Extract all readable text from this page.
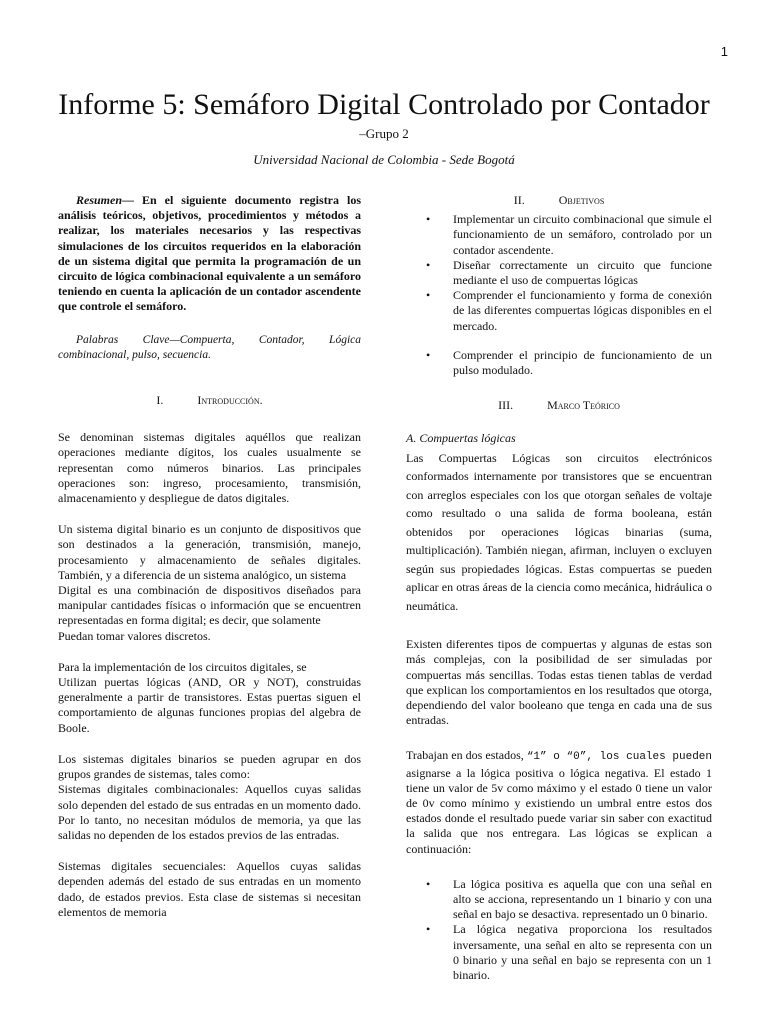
1
Informe 5: Semáforo Digital Controlado por Contador
–Grupo 2
Universidad Nacional de Colombia - Sede Bogotá

Resumen— En el siguiente documento registra los análisis teóricos, objetivos, procedimientos y métodos a realizar, los materiales necesarios y las respectivas simulaciones de los circuitos requeridos en la elaboración de un sistema digital que permita la programación de un circuito de lógica combinacional equivalente a un semáforo teniendo en cuenta la aplicación de un contador ascendente que controle el semáforo.

Palabras Clave—Compuerta, Contador, Lógica combinacional, pulso, secuencia.

I.	Introducción.

Se denominan sistemas digitales aquéllos que realizan operaciones mediante dígitos, los cuales usualmente se representan como números binarios. Las principales operaciones son: ingreso, procesamiento, transmisión, almacenamiento y despliegue de datos digitales.

Un sistema digital binario es un conjunto de dispositivos que son destinados a la generación, transmisión, manejo, procesamiento y almacenamiento de señales digitales. También, y a diferencia de un sistema analógico, un sistema

Digital es una combinación de dispositivos diseñados para manipular cantidades físicas o información que se encuentren representadas en forma digital; es decir, que solamente

Puedan tomar valores discretos.

Para la implementación de los circuitos digitales, se

Utilizan puertas lógicas (AND, OR y NOT), construidas generalmente a partir de transistores. Estas puertas siguen el comportamiento de algunas funciones propias del algebra de Boole.

Los sistemas digitales binarios se pueden agrupar en dos grupos grandes de sistemas, tales como:

Sistemas digitales combinacionales: Aquellos cuyas salidas solo dependen del estado de sus entradas en un momento dado. Por lo tanto, no necesitan módulos de memoria, ya que las salidas no dependen de los estados previos de las entradas.

Sistemas digitales secuenciales: Aquellos cuyas salidas dependen además del estado de sus entradas en un momento dado, de estados previos. Esta clase de sistemas si necesitan elementos de memoria

II.	Objetivos
• Implementar un circuito combinacional que simule el funcionamiento de un semáforo, controlado por un contador ascendente.
• Diseñar correctamente un circuito que funcione mediante el uso de compuertas lógicas
• Comprender el funcionamiento y forma de conexión de las diferentes compuertas lógicas disponibles en el mercado.
• Comprender el principio de funcionamiento de un pulso modulado.
III.	Marco Teórico

A. Compuertas lógicas

Las Compuertas Lógicas son circuitos electrónicos conformados internamente por transistores que se encuentran con arreglos especiales con los que otorgan señales de voltaje como resultado o una salida de forma booleana, están obtenidos por operaciones lógicas binarias (suma, multiplicación). También niegan, afirman, incluyen o excluyen según sus propiedades lógicas. Estas compuertas se pueden aplicar en otras áreas de la ciencia como mecánica, hidráulica o neumática.

Existen diferentes tipos de compuertas y algunas de estas son más complejas, con la posibilidad de ser simuladas por compuertas más sencillas. Todas estas tienen tablas de verdad que explican los comportamientos en los resultados que otorga, dependiendo del valor booleano que tenga en cada una de sus entradas.

Trabajan en dos estados, “1” o “0”, los cuales pueden asignarse a la lógica positiva o lógica negativa. El estado 1 tiene un valor de 5v como máximo y el estado 0 tiene un valor de 0v como mínimo y existiendo un umbral entre estos dos estados donde el resultado puede variar sin saber con exactitud la salida que nos entregara. Las lógicas se explican a continuación:

• La lógica positiva es aquella que con una señal en alto se acciona, representando un 1 binario y con una señal en bajo se desactiva. representado un 0 binario.
• La lógica negativa proporciona los resultados inversamente, una señal en alto se representa con un 0 binario y una señal en bajo se representa con un 1 binario.
